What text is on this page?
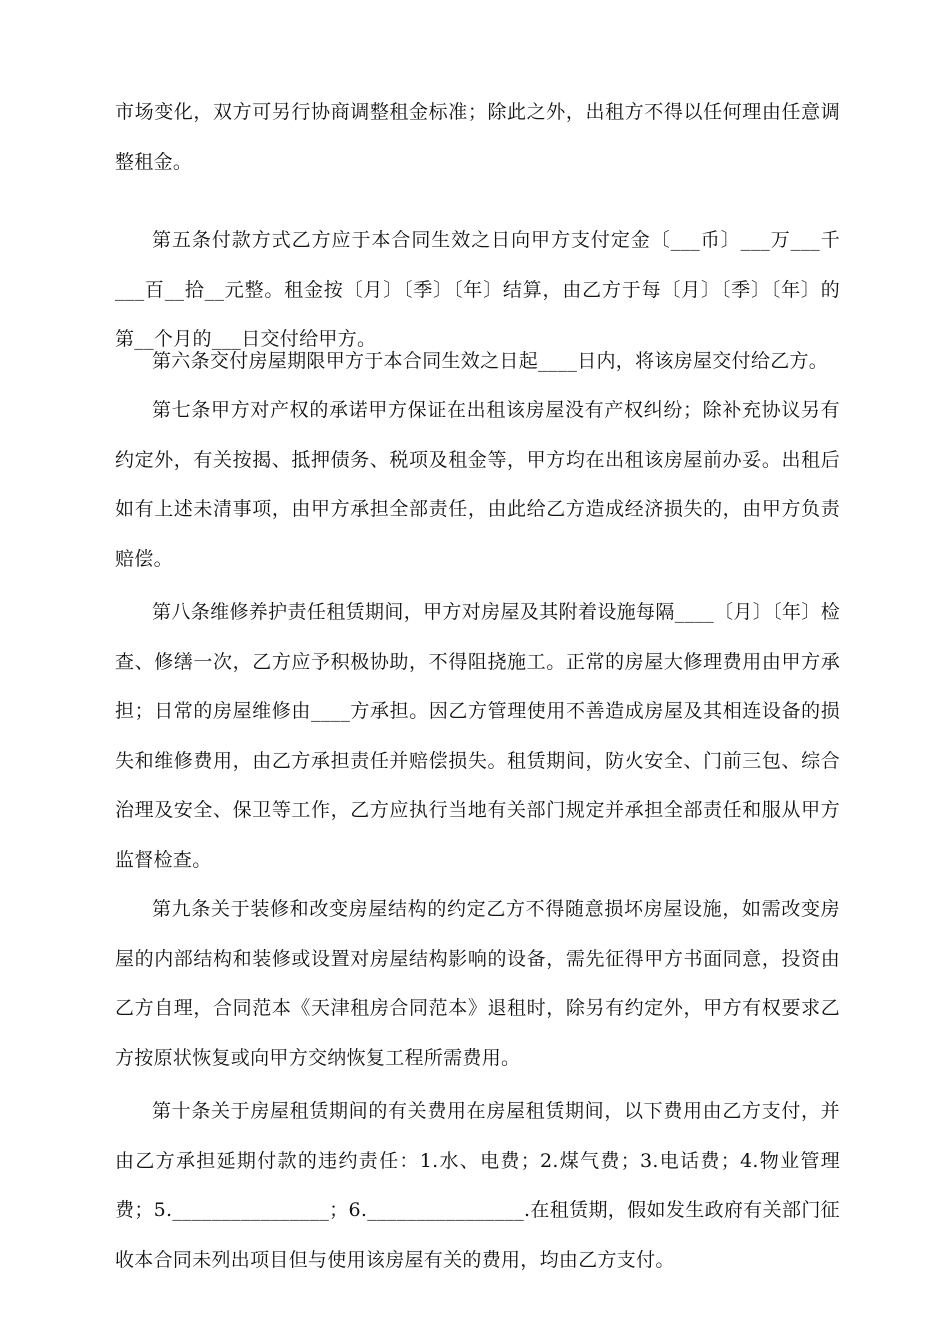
市场变化，双方可另行协商调整租金标准；除此之外，出租方不得以任何理由任意调整租金。

第五条付款方式乙方应于本合同生效之日向甲方支付定金〔___币〕___万___千___百__拾__元整。租金按〔月〕〔季〕〔年〕结算，由乙方于每〔月〕〔季〕〔年〕的第__个月的___日交付给甲方。

第六条交付房屋期限甲方于本合同生效之日起____日内，将该房屋交付给乙方。

第七条甲方对产权的承诺甲方保证在出租该房屋没有产权纠纷；除补充协议另有约定外，有关按揭、抵押债务、税项及租金等，甲方均在出租该房屋前办妥。出租后如有上述未清事项，由甲方承担全部责任，由此给乙方造成经济损失的，由甲方负责赔偿。

第八条维修养护责任租赁期间，甲方对房屋及其附着设施每隔____〔月〕〔年〕检查、修缮一次，乙方应予积极协助，不得阻挠施工。正常的房屋大修理费用由甲方承担；日常的房屋维修由____方承担。因乙方管理使用不善造成房屋及其相连设备的损失和维修费用，由乙方承担责任并赔偿损失。租赁期间，防火安全、门前三包、综合治理及安全、保卫等工作，乙方应执行当地有关部门规定并承担全部责任和服从甲方监督检查。

第九条关于装修和改变房屋结构的约定乙方不得随意损坏房屋设施，如需改变房屋的内部结构和装修或设置对房屋结构影响的设备，需先征得甲方书面同意，投资由乙方自理，合同范本《天津租房合同范本》退租时，除另有约定外，甲方有权要求乙方按原状恢复或向甲方交纳恢复工程所需费用。

第十条关于房屋租赁期间的有关费用在房屋租赁期间，以下费用由乙方支付，并由乙方承担延期付款的违约责任：1.水、电费；2.煤气费；3.电话费；4.物业管理费；5.________________；6.________________.在租赁期，假如发生政府有关部门征收本合同未列出项目但与使用该房屋有关的费用，均由乙方支付。
